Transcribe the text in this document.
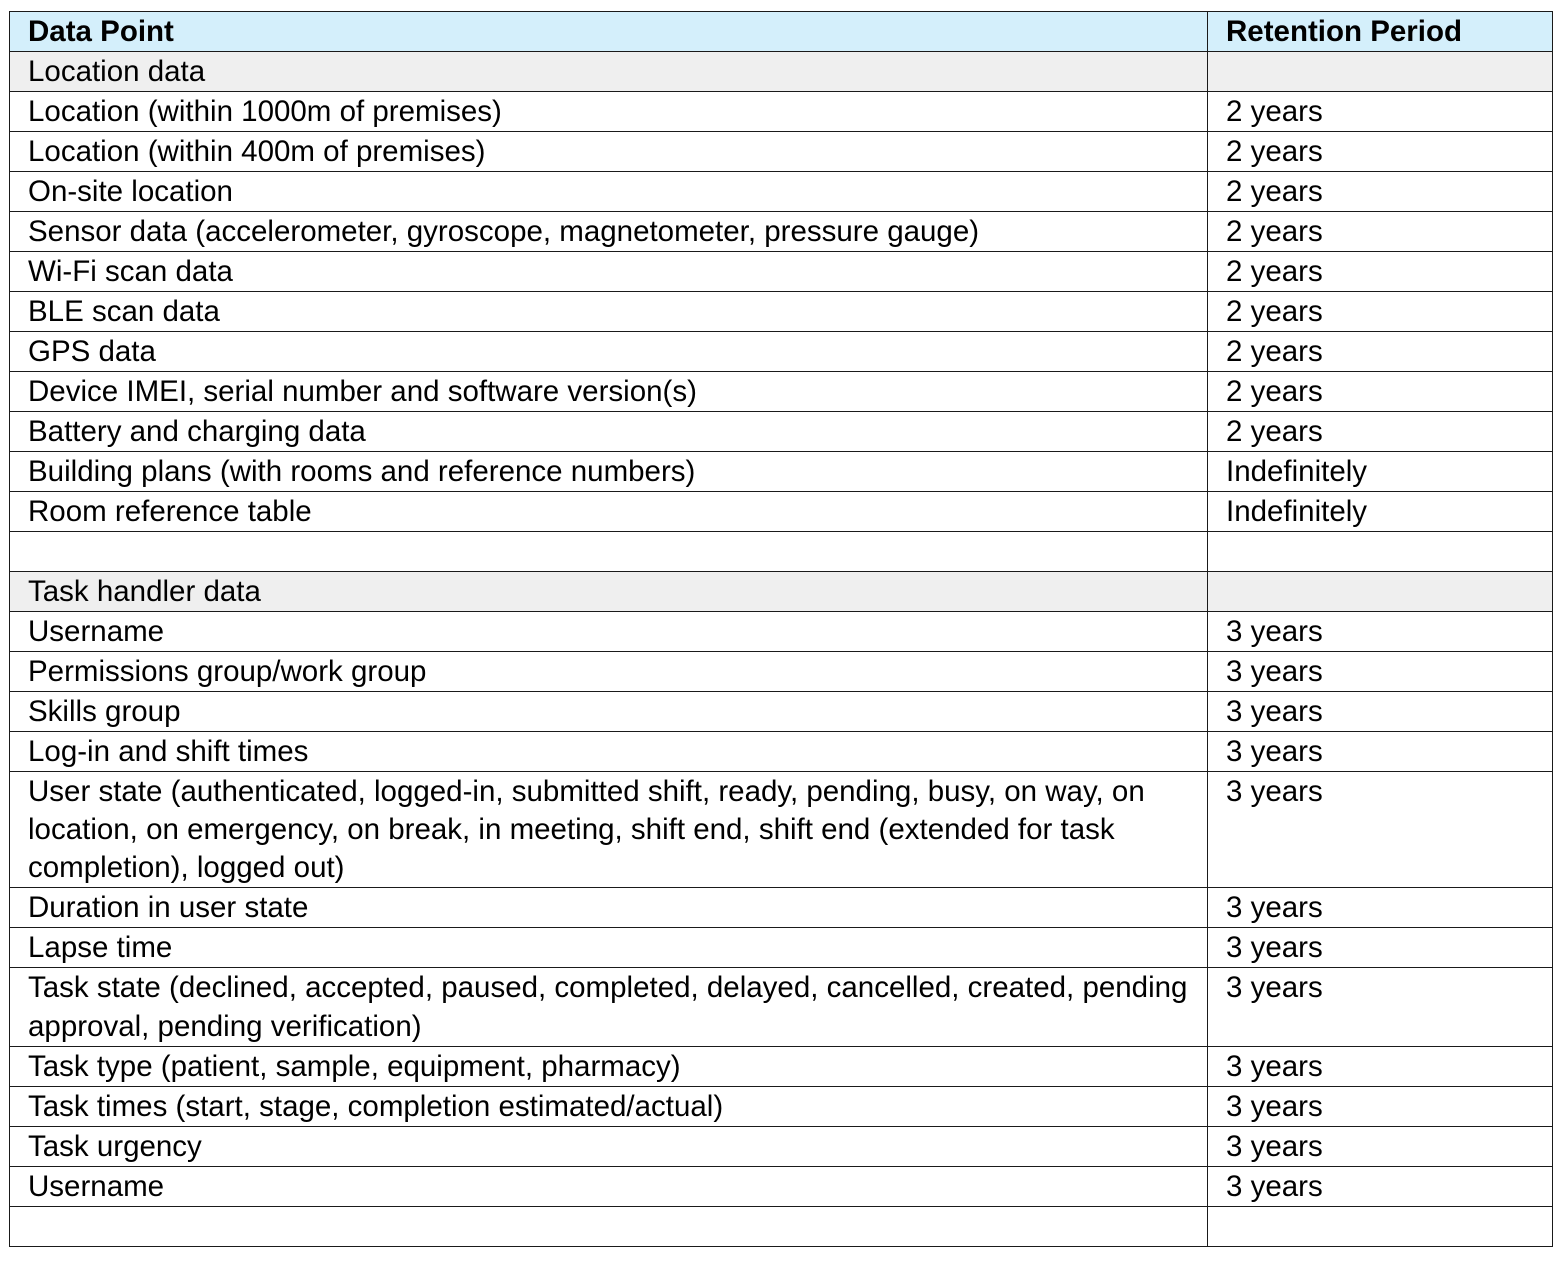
Data Point	Retention Period
Location data	
Location (within 1000m of premises)	2 years
Location (within 400m of premises)	2 years
On-site location	2 years
Sensor data (accelerometer, gyroscope, magnetometer, pressure gauge)	2 years
Wi-Fi scan data	2 years
BLE scan data	2 years
GPS data	2 years
Device IMEI, serial number and software version(s)	2 years
Battery and charging data	2 years
Building plans (with rooms and reference numbers)	Indefinitely
Room reference table	Indefinitely

Task handler data	
Username	3 years
Permissions group/work group	3 years
Skills group	3 years
Log-in and shift times	3 years
User state (authenticated, logged-in, submitted shift, ready, pending, busy, on way, on location, on emergency, on break, in meeting, shift end, shift end (extended for task completion), logged out)	3 years
Duration in user state	3 years
Lapse time	3 years
Task state (declined, accepted, paused, completed, delayed, cancelled, created, pending approval, pending verification)	3 years
Task type (patient, sample, equipment, pharmacy)	3 years
Task times (start, stage, completion estimated/actual)	3 years
Task urgency	3 years
Username	3 years
